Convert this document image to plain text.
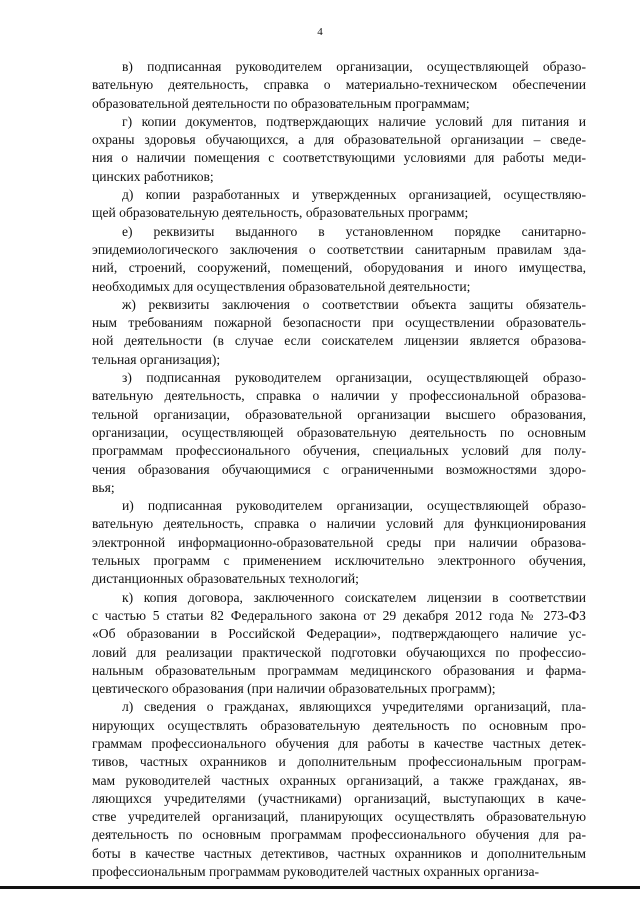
4

в) подписанная руководителем организации, осуществляющей образо-
вательную деятельность, справка о материально-техническом обеспечении
образовательной деятельности по образовательным программам;

г) копии документов, подтверждающих наличие условий для питания и
охраны здоровья обучающихся, а для образовательной организации – сведе-
ния о наличии помещения с соответствующими условиями для работы меди-
цинских работников;

д) копии разработанных и утвержденных организацией, осуществляю-
щей образовательную деятельность, образовательных программ;

е) реквизиты выданного в установленном порядке санитарно-
эпидемиологического заключения о соответствии санитарным правилам зда-
ний, строений, сооружений, помещений, оборудования и иного имущества,
необходимых для осуществления образовательной деятельности;

ж) реквизиты заключения о соответствии объекта защиты обязатель-
ным требованиям пожарной безопасности при осуществлении образователь-
ной деятельности (в случае если соискателем лицензии является образова-
тельная организация);

з) подписанная руководителем организации, осуществляющей образо-
вательную деятельность, справка о наличии у профессиональной образова-
тельной организации, образовательной организации высшего образования,
организации, осуществляющей образовательную деятельность по основным
программам профессионального обучения, специальных условий для полу-
чения образования обучающимися с ограниченными возможностями здоро-
вья;

и) подписанная руководителем организации, осуществляющей образо-
вательную деятельность, справка о наличии условий для функционирования
электронной информационно-образовательной среды при наличии образова-
тельных программ с применением исключительно электронного обучения,
дистанционных образовательных технологий;

к) копия договора, заключенного соискателем лицензии в соответствии
с частью 5 статьи 82 Федерального закона от 29 декабря 2012 года № 273-ФЗ
«Об образовании в Российской Федерации», подтверждающего наличие ус-
ловий для реализации практической подготовки обучающихся по профессио-
нальным образовательным программам медицинского образования и фарма-
цевтического образования (при наличии образовательных программ);

л) сведения о гражданах, являющихся учредителями организаций, пла-
нирующих осуществлять образовательную деятельность по основным про-
граммам профессионального обучения для работы в качестве частных детек-
тивов, частных охранников и дополнительным профессиональным програм-
мам руководителей частных охранных организаций, а также гражданах, яв-
ляющихся учредителями (участниками) организаций, выступающих в каче-
стве учредителей организаций, планирующих осуществлять образовательную
деятельность по основным программам профессионального обучения для ра-
боты в качестве частных детективов, частных охранников и дополнительным
профессиональным программам руководителей частных охранных организа-
